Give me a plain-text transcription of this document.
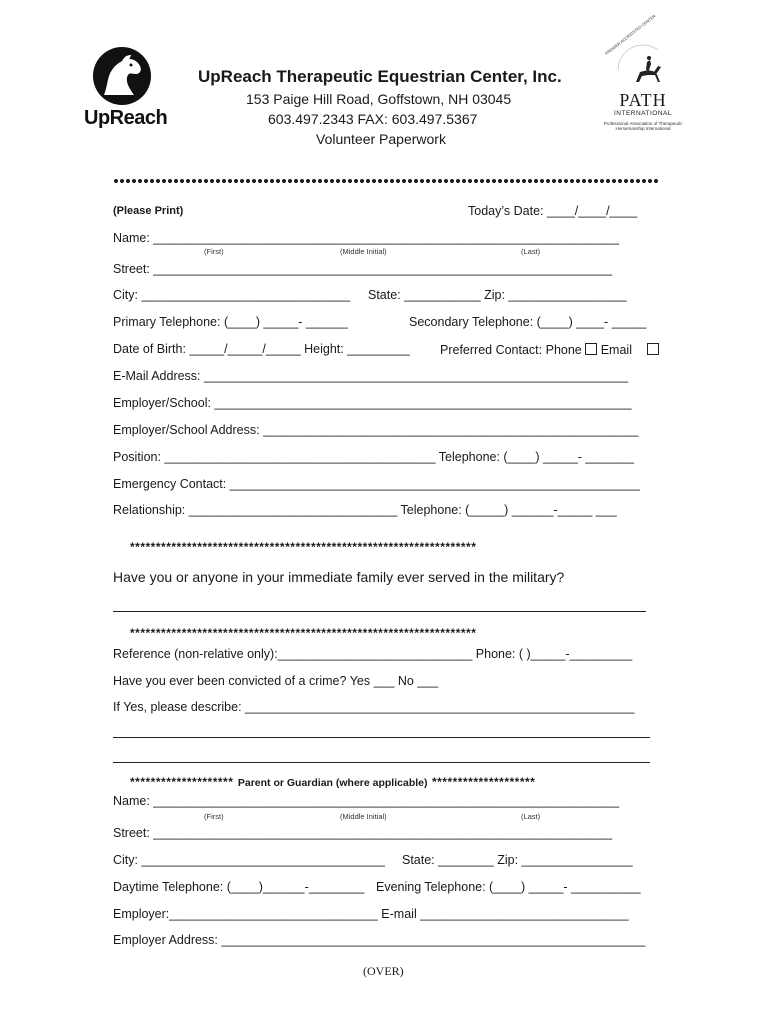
UpReach
PREMIER ACCREDITED CENTER
PATH
INTERNATIONAL
Professional Association of Therapeutic
Horsemanship International
UpReach Therapeutic Equestrian Center, Inc.
153 Paige Hill Road, Goffstown, NH 03045
603.497.2343 FAX: 603.497.5367
Volunteer Paperwork
(Please Print)	Today’s Date: ____/____/____
Name: ___________________________________________________________________
(First)	(Middle Initial)	(Last)
Street: __________________________________________________________________
City: ______________________________ State: ___________ Zip: _________________
Primary Telephone: (____) _____- ______	Secondary Telephone: (____) ____- _____
Date of Birth: _____/_____/_____ Height: _________ Preferred Contact: Phone Email
E-Mail Address: _____________________________________________________________
Employer/School: ____________________________________________________________
Employer/School Address: ______________________________________________________
Position: _______________________________________ Telephone: (____) _____- _______
Emergency Contact: ___________________________________________________________
Relationship: ______________________________ Telephone: (_____) ______-_____ ___
*******************************************************************
Have you or anyone in your immediate family ever served in the military?
*******************************************************************
Reference (non-relative only):____________________________ Phone: ( )_____-_________
Have you ever been convicted of a crime? Yes ___ No ___
If Yes, please describe: ________________________________________________________
******************** Parent or Guardian (where applicable) ********************
Name: ___________________________________________________________________
(First)	(Middle Initial)	(Last)
Street: __________________________________________________________________
City: ___________________________________ State: ________ Zip: ________________
Daytime Telephone: (____)______-________ Evening Telephone: (____) _____- __________
Employer:______________________________ E-mail ______________________________
Employer Address: _____________________________________________________________
(OVER)
